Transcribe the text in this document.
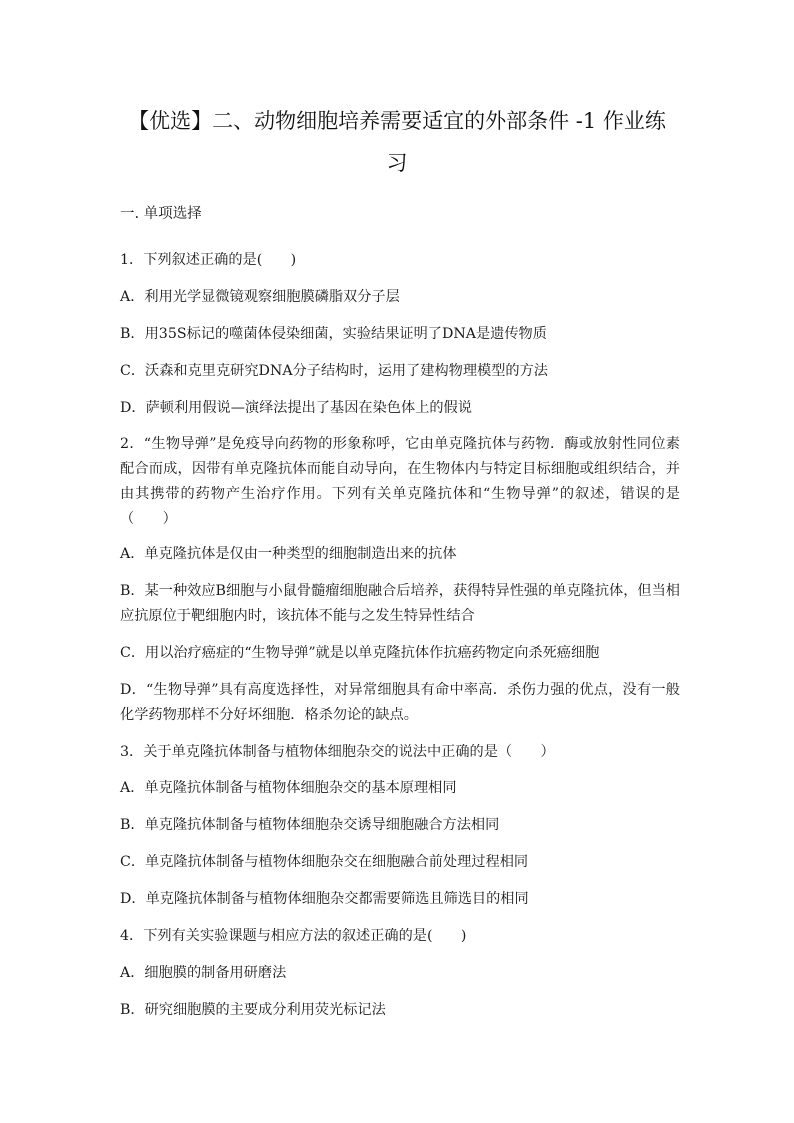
【优选】二、动物细胞培养需要适宜的外部条件 -1 作业练
习
一. 单项选择
1．下列叙述正确的是(　　)
A．利用光学显微镜观察细胞膜磷脂双分子层
B．用35S标记的噬菌体侵染细菌，实验结果证明了DNA是遗传物质
C．沃森和克里克研究DNA分子结构时，运用了建构物理模型的方法
D．萨顿利用假说—演绎法提出了基因在染色体上的假说
2．“生物导弹”是免疫导向药物的形象称呼，它由单克隆抗体与药物．酶或放射性同位素配合而成，因带有单克隆抗体而能自动导向，在生物体内与特定目标细胞或组织结合，并由其携带的药物产生治疗作用。下列有关单克隆抗体和“生物导弹”的叙述，错误的是（　　）
A．单克隆抗体是仅由一种类型的细胞制造出来的抗体
B．某一种效应B细胞与小鼠骨髓瘤细胞融合后培养，获得特异性强的单克隆抗体，但当相应抗原位于靶细胞内时，该抗体不能与之发生特异性结合
C．用以治疗癌症的“生物导弹”就是以单克隆抗体作抗癌药物定向杀死癌细胞
D．“生物导弹”具有高度选择性，对异常细胞具有命中率高．杀伤力强的优点，没有一般化学药物那样不分好坏细胞．格杀勿论的缺点。
3．关于单克隆抗体制备与植物体细胞杂交的说法中正确的是（　　）
A．单克隆抗体制备与植物体细胞杂交的基本原理相同
B．单克隆抗体制备与植物体细胞杂交诱导细胞融合方法相同
C．单克隆抗体制备与植物体细胞杂交在细胞融合前处理过程相同
D．单克隆抗体制备与植物体细胞杂交都需要筛选且筛选目的相同
4．下列有关实验课题与相应方法的叙述正确的是(　　)
A．细胞膜的制备用研磨法
B．研究细胞膜的主要成分利用荧光标记法
